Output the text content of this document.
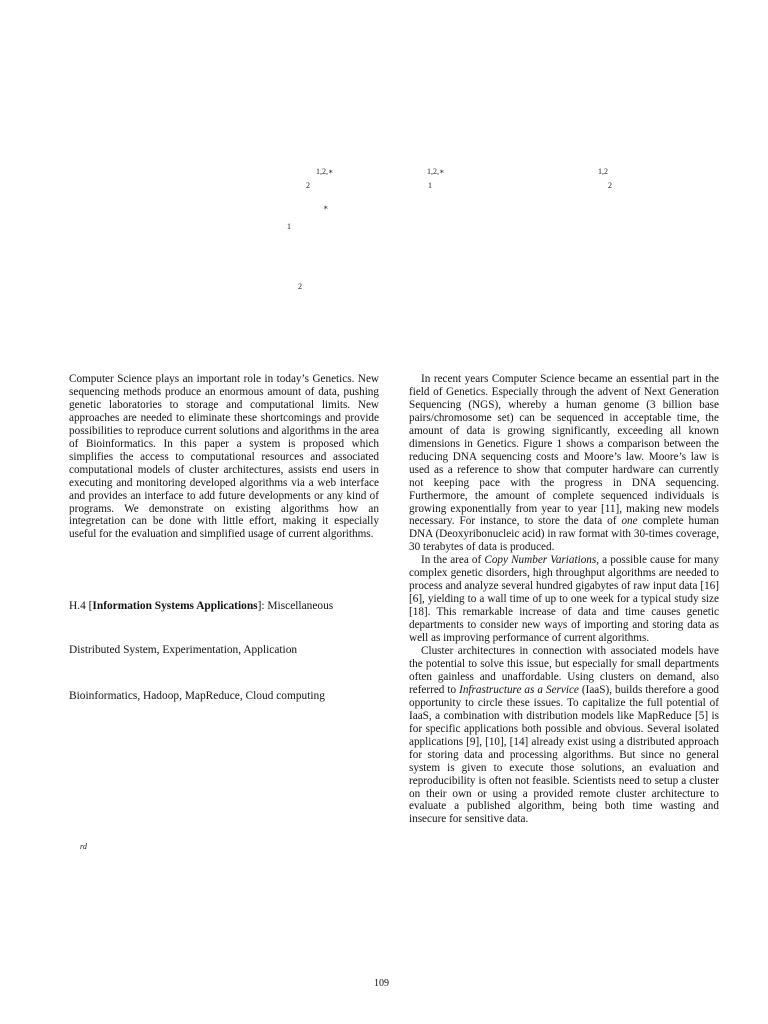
1,2,∗	1,2,∗	1,2
2	1	2
∗
1
2

Computer Science plays an important role in today’s Genetics. New sequencing methods produce an enormous amount of data, pushing genetic laboratories to storage and computational limits. New approaches are needed to eliminate these shortcomings and provide possibilities to reproduce current solutions and algorithms in the area of Bioinformatics. In this paper a system is proposed which simplifies the access to computational resources and associated computational models of cluster architectures, assists end users in executing and monitoring developed algorithms via a web interface and provides an interface to add future developments or any kind of programs. We demonstrate on existing algorithms how an integretation can be done with little effort, making it especially useful for the evaluation and simplified usage of current algorithms.

H.4 [Information Systems Applications]: Miscellaneous
Distributed System, Experimentation, Application
Bioinformatics, Hadoop, MapReduce, Cloud computing
rd

In recent years Computer Science became an essential part in the field of Genetics. Especially through the advent of Next Generation Sequencing (NGS), whereby a human genome (3 billion base pairs/chromosome set) can be sequenced in acceptable time, the amount of data is growing significantly, exceeding all known dimensions in Genetics. Figure 1 shows a comparison between the reducing DNA sequencing costs and Moore’s law. Moore’s law is used as a reference to show that computer hardware can currently not keeping pace with the progress in DNA sequencing. Furthermore, the amount of complete sequenced individuals is growing exponentially from year to year [11], making new models necessary. For instance, to store the data of one complete human DNA (Deoxyribonucleic acid) in raw format with 30-times coverage, 30 terabytes of data is produced.

In the area of Copy Number Variations, a possible cause for many complex genetic disorders, high throughput algorithms are needed to process and analyze several hundred gigabytes of raw input data [16] [6], yielding to a wall time of up to one week for a typical study size [18]. This remarkable increase of data and time causes genetic departments to consider new ways of importing and storing data as well as improving performance of current algorithms.

Cluster architectures in connection with associated models have the potential to solve this issue, but especially for small departments often gainless and unaffordable. Using clusters on demand, also referred to Infrastructure as a Service (IaaS), builds therefore a good opportunity to circle these issues. To capitalize the full potential of IaaS, a combination with distribution models like MapReduce [5] is for specific applications both possible and obvious. Several isolated applications [9], [10], [14] already exist using a distributed approach for storing data and processing algorithms. But since no general system is given to execute those solutions, an evaluation and reproducibility is often not feasible. Scientists need to setup a cluster on their own or using a provided remote cluster architecture to evaluate a published algorithm, being both time wasting and insecure for sensitive data.

109
